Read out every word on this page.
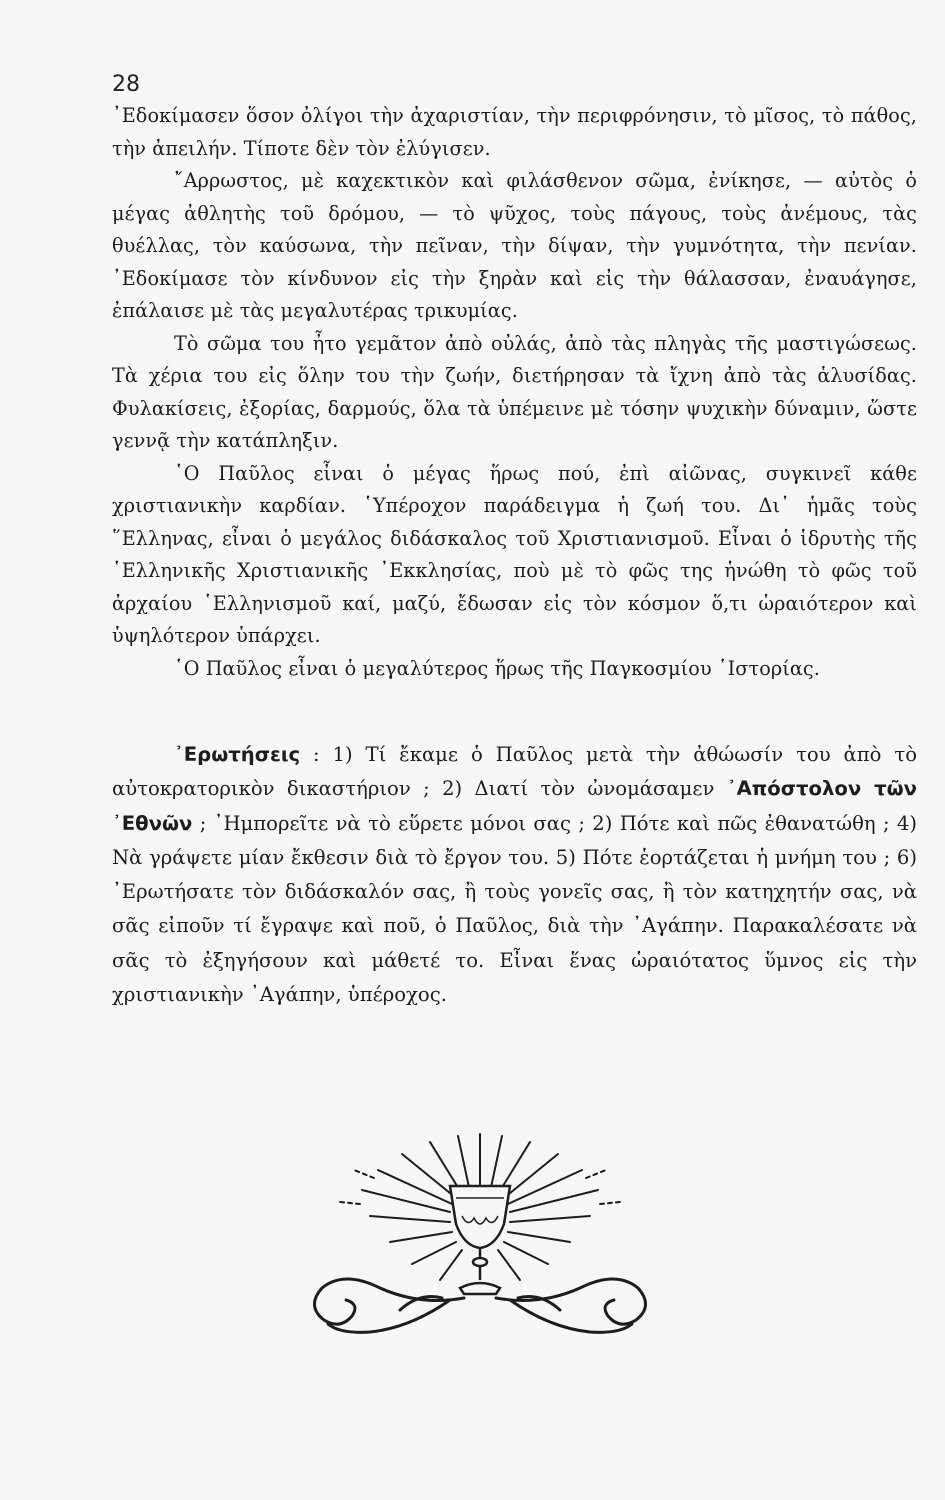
28

᾿Εδοκίμασεν ὅσον ὀλίγοι τὴν ἀχαριστίαν, τὴν περιφρόνησιν, τὸ μῖσος, τὸ πάθος, τὴν ἀπειλήν. Τίποτε δὲν τὸν ἐλύγισεν.

῎Αρρωστος, μὲ καχεκτικὸν καὶ φιλάσθενον σῶμα, ἐνίκησε, — αὐτὸς ὁ μέγας ἀθλητὴς τοῦ δρόμου, — τὸ ψῦχος, τοὺς πάγους, τοὺς ἀνέμους, τὰς θυέλλας, τὸν καύσωνα, τὴν πεῖναν, τὴν δίψαν, τὴν γυμνότητα, τὴν πενίαν. ᾿Εδοκίμασε τὸν κίνδυνον εἰς τὴν ξηρὰν καὶ εἰς τὴν θάλασσαν, ἐναυάγησε, ἐπάλαισε μὲ τὰς μεγαλυτέρας τρικυμίας.

Τὸ σῶμα του ἦτο γεμᾶτον ἀπὸ οὐλάς, ἀπὸ τὰς πληγὰς τῆς μαστιγώσεως. Τὰ χέρια του εἰς ὅλην του τὴν ζωήν, διετήρησαν τὰ ἴχνη ἀπὸ τὰς ἁλυσίδας. Φυλακίσεις, ἐξορίας, δαρμούς, ὅλα τὰ ὑπέμεινε μὲ τόσην ψυχικὴν δύναμιν, ὥστε γεννᾷ τὴν κατάπληξιν.

῾Ο Παῦλος εἶναι ὁ μέγας ἥρως πού, ἐπὶ αἰῶνας, συγκινεῖ κάθε χριστιανικὴν καρδίαν. ῾Υπέροχον παράδειγμα ἡ ζωή του. Δι᾿ ἡμᾶς τοὺς ῞Ελληνας, εἶναι ὁ μεγάλος διδάσκαλος τοῦ Χριστιανισμοῦ. Εἶναι ὁ ἱδρυτὴς τῆς ῾Ελληνικῆς Χριστιανικῆς ᾿Εκκλησίας, ποὺ μὲ τὸ φῶς της ἡνώθη τὸ φῶς τοῦ ἀρχαίου ῾Ελληνισμοῦ καί, μαζύ, ἔδωσαν εἰς τὸν κόσμον ὅ,τι ὡραιότερον καὶ ὑψηλότερον ὑπάρχει.

῾Ο Παῦλος εἶναι ὁ μεγαλύτερος ἥρως τῆς Παγκοσμίου ῾Ιστορίας.

᾿Ερωτήσεις : 1) Τί ἔκαμε ὁ Παῦλος μετὰ τὴν ἀθώωσίν του ἀπὸ τὸ αὐτοκρατορικὸν δικαστήριον ; 2) Διατί τὸν ὠνομάσαμεν ᾿Απόστολον τῶν ᾿Εθνῶν ; ᾿Ημπορεῖτε νὰ τὸ εὕρετε μόνοι σας ; 2) Πότε καὶ πῶς ἐθανατώθη ; 4) Νὰ γράψετε μίαν ἔκθεσιν διὰ τὸ ἔργον του. 5) Πότε ἑορτάζεται ἡ μνήμη του ; 6) ᾿Ερωτήσατε τὸν διδάσκαλόν σας, ἢ τοὺς γονεῖς σας, ἢ τὸν κατηχητήν σας, νὰ σᾶς εἰποῦν τί ἔγραψε καὶ ποῦ, ὁ Παῦλος, διὰ τὴν ᾿Αγάπην. Παρακαλέσατε νὰ σᾶς τὸ ἐξηγήσουν καὶ μάθετέ το. Εἶναι ἕνας ὡραιότατος ὕμνος εἰς τὴν χριστιανικὴν ᾿Αγάπην, ὑπέροχος.
